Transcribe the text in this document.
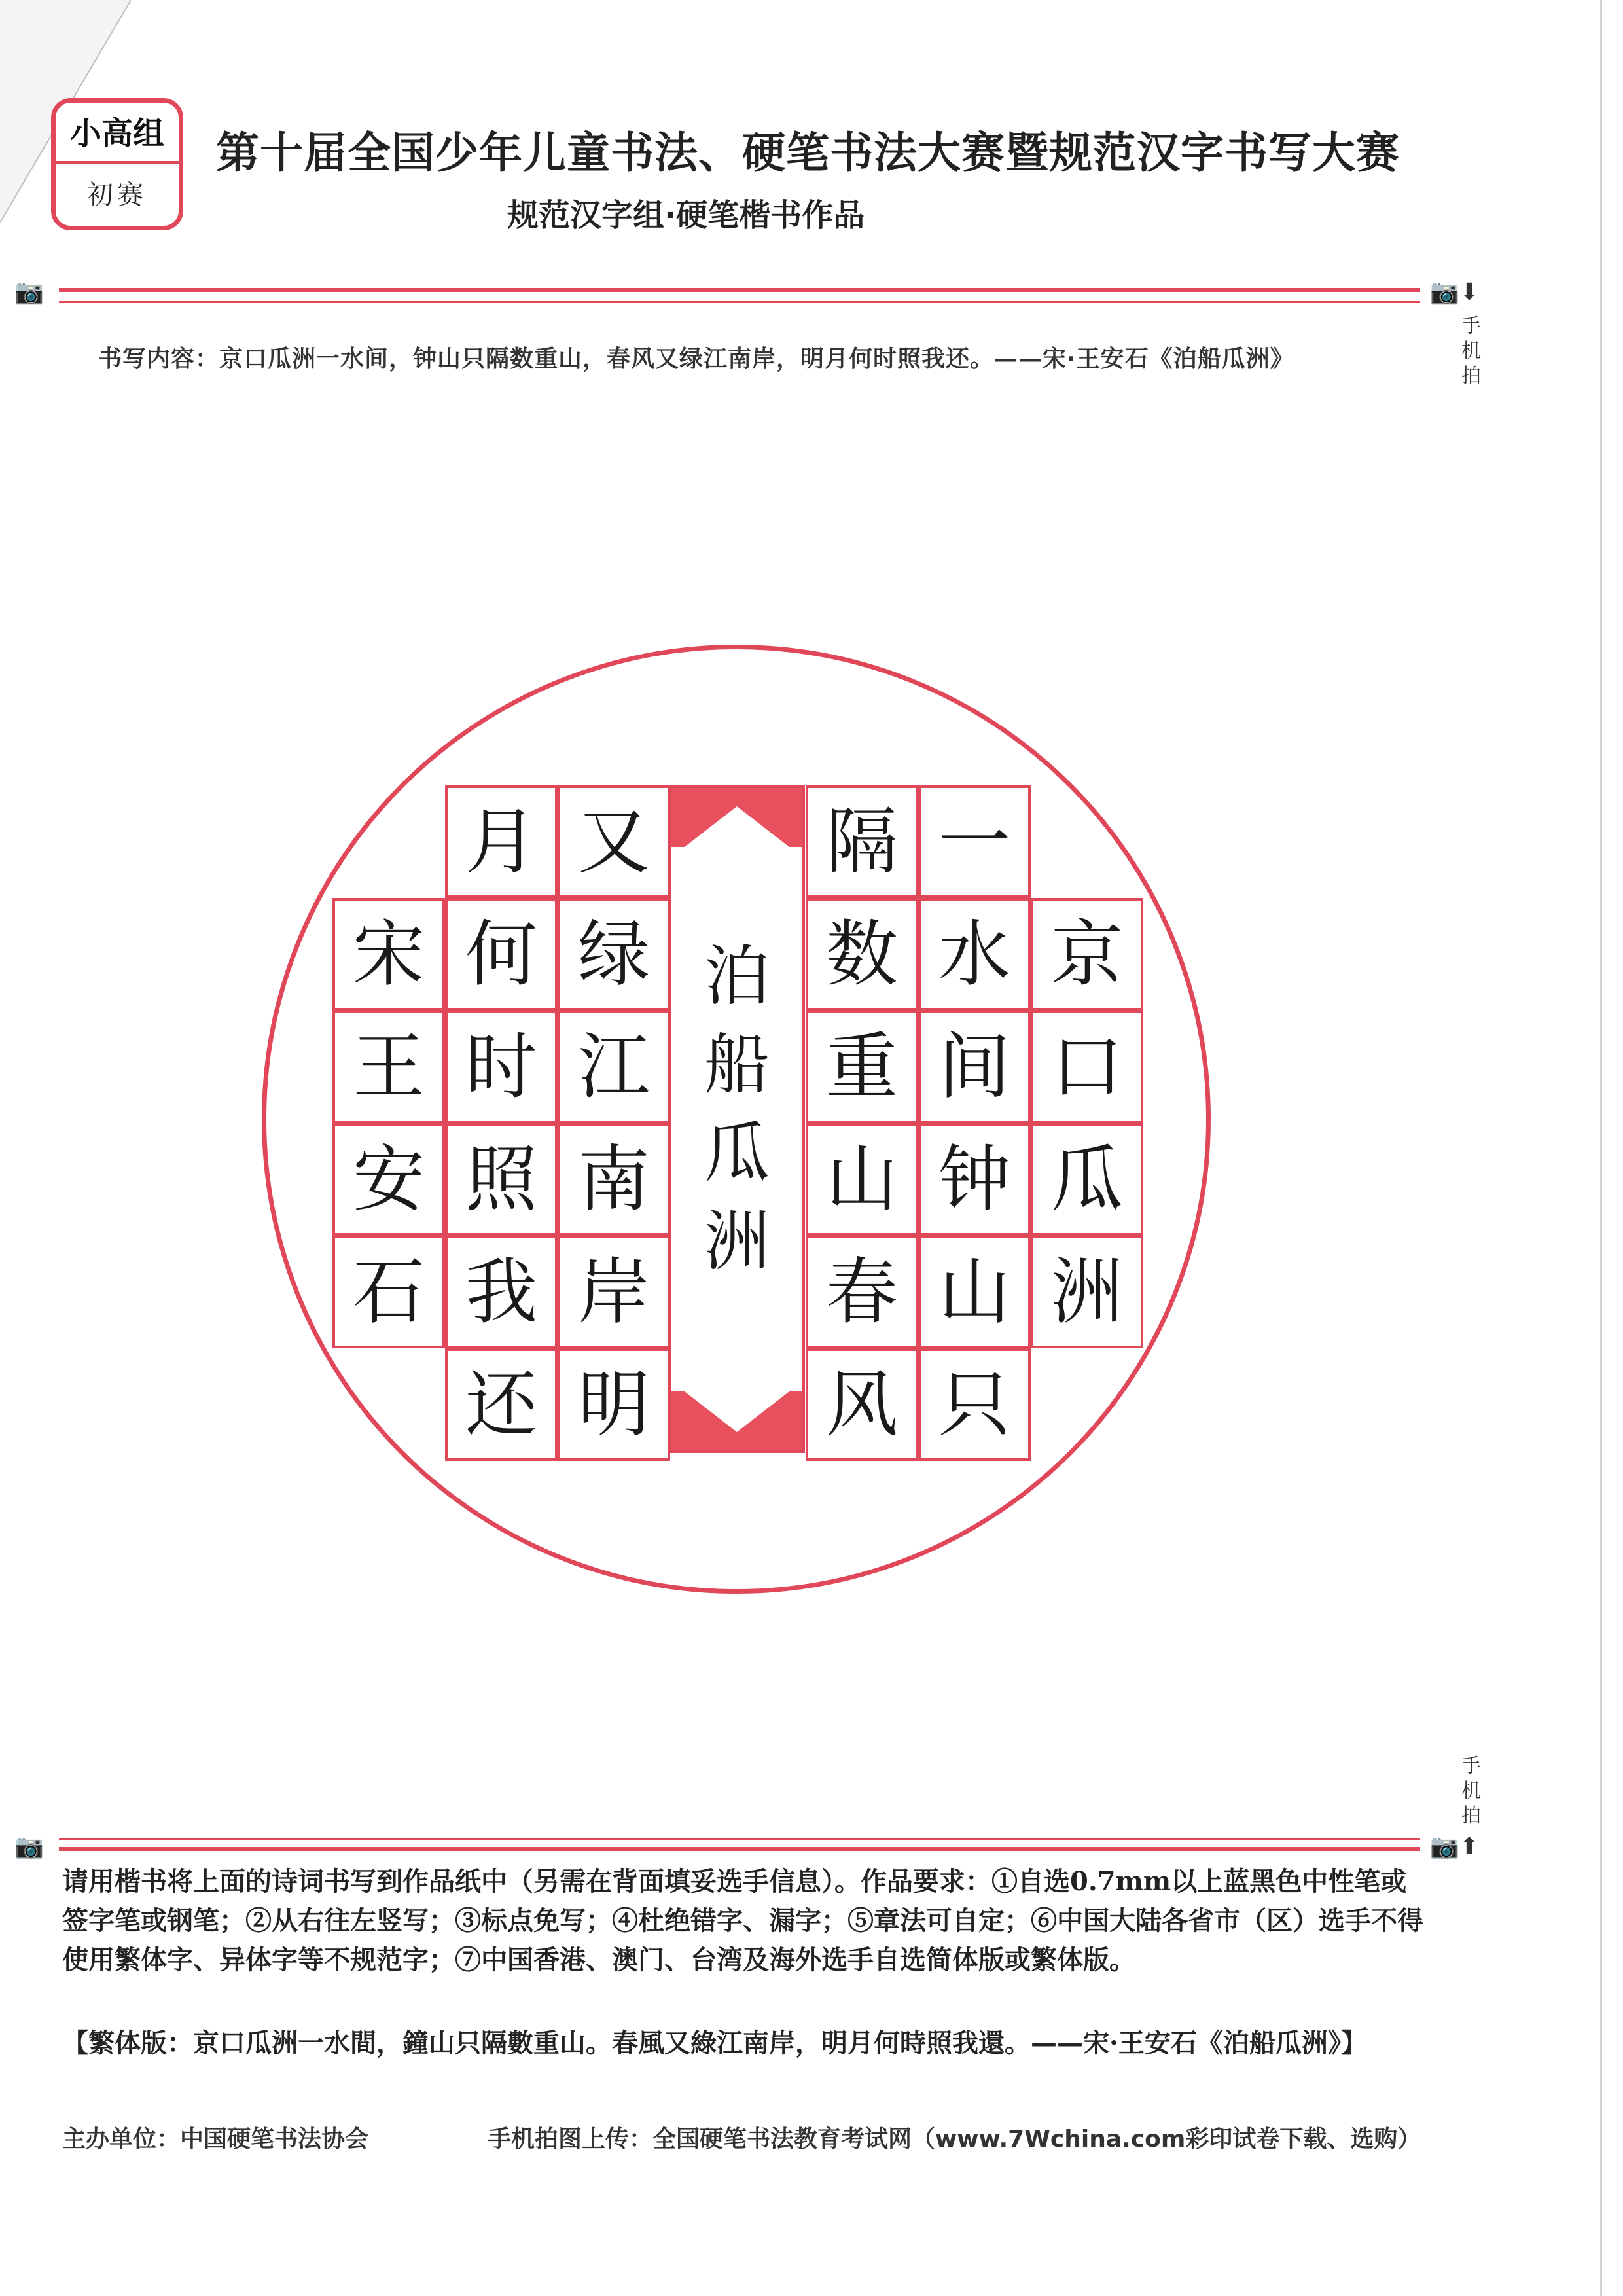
小高组
初赛
第十届全国少年儿童书法、硬笔书法大赛暨规范汉字书写大赛
规范汉字组·硬笔楷书作品
📷	📷⬇
手机拍
书写内容：京口瓜洲一水间，钟山只隔数重山，春风又绿江南岸，明月何时照我还。——宋·王安石《泊船瓜洲》
泊
船
瓜
洲
京
口
瓜
洲
一
水
间
钟
山
只
隔
数
重
山
春
风
又
绿
江
南
岸
明
月
何
时
照
我
还
宋
王
安
石
📷	📷⬆
手机拍
请用楷书将上面的诗词书写到作品纸中（另需在背面填妥选手信息）。作品要求：①自选0.7mm以上蓝黑色中性笔或签字笔或钢笔；②从右往左竖写；③标点免写；④杜绝错字、漏字；⑤章法可自定；⑥中国大陆各省市（区）选手不得使用繁体字、异体字等不规范字；⑦中国香港、澳门、台湾及海外选手自选简体版或繁体版。
【繁体版：京口瓜洲一水間，鐘山只隔數重山。春風又綠江南岸，明月何時照我還。——宋·王安石《泊船瓜洲》】
主办单位：中国硬笔书法协会	手机拍图上传：全国硬笔书法教育考试网（www.7Wchina.com彩印试卷下载、选购）
